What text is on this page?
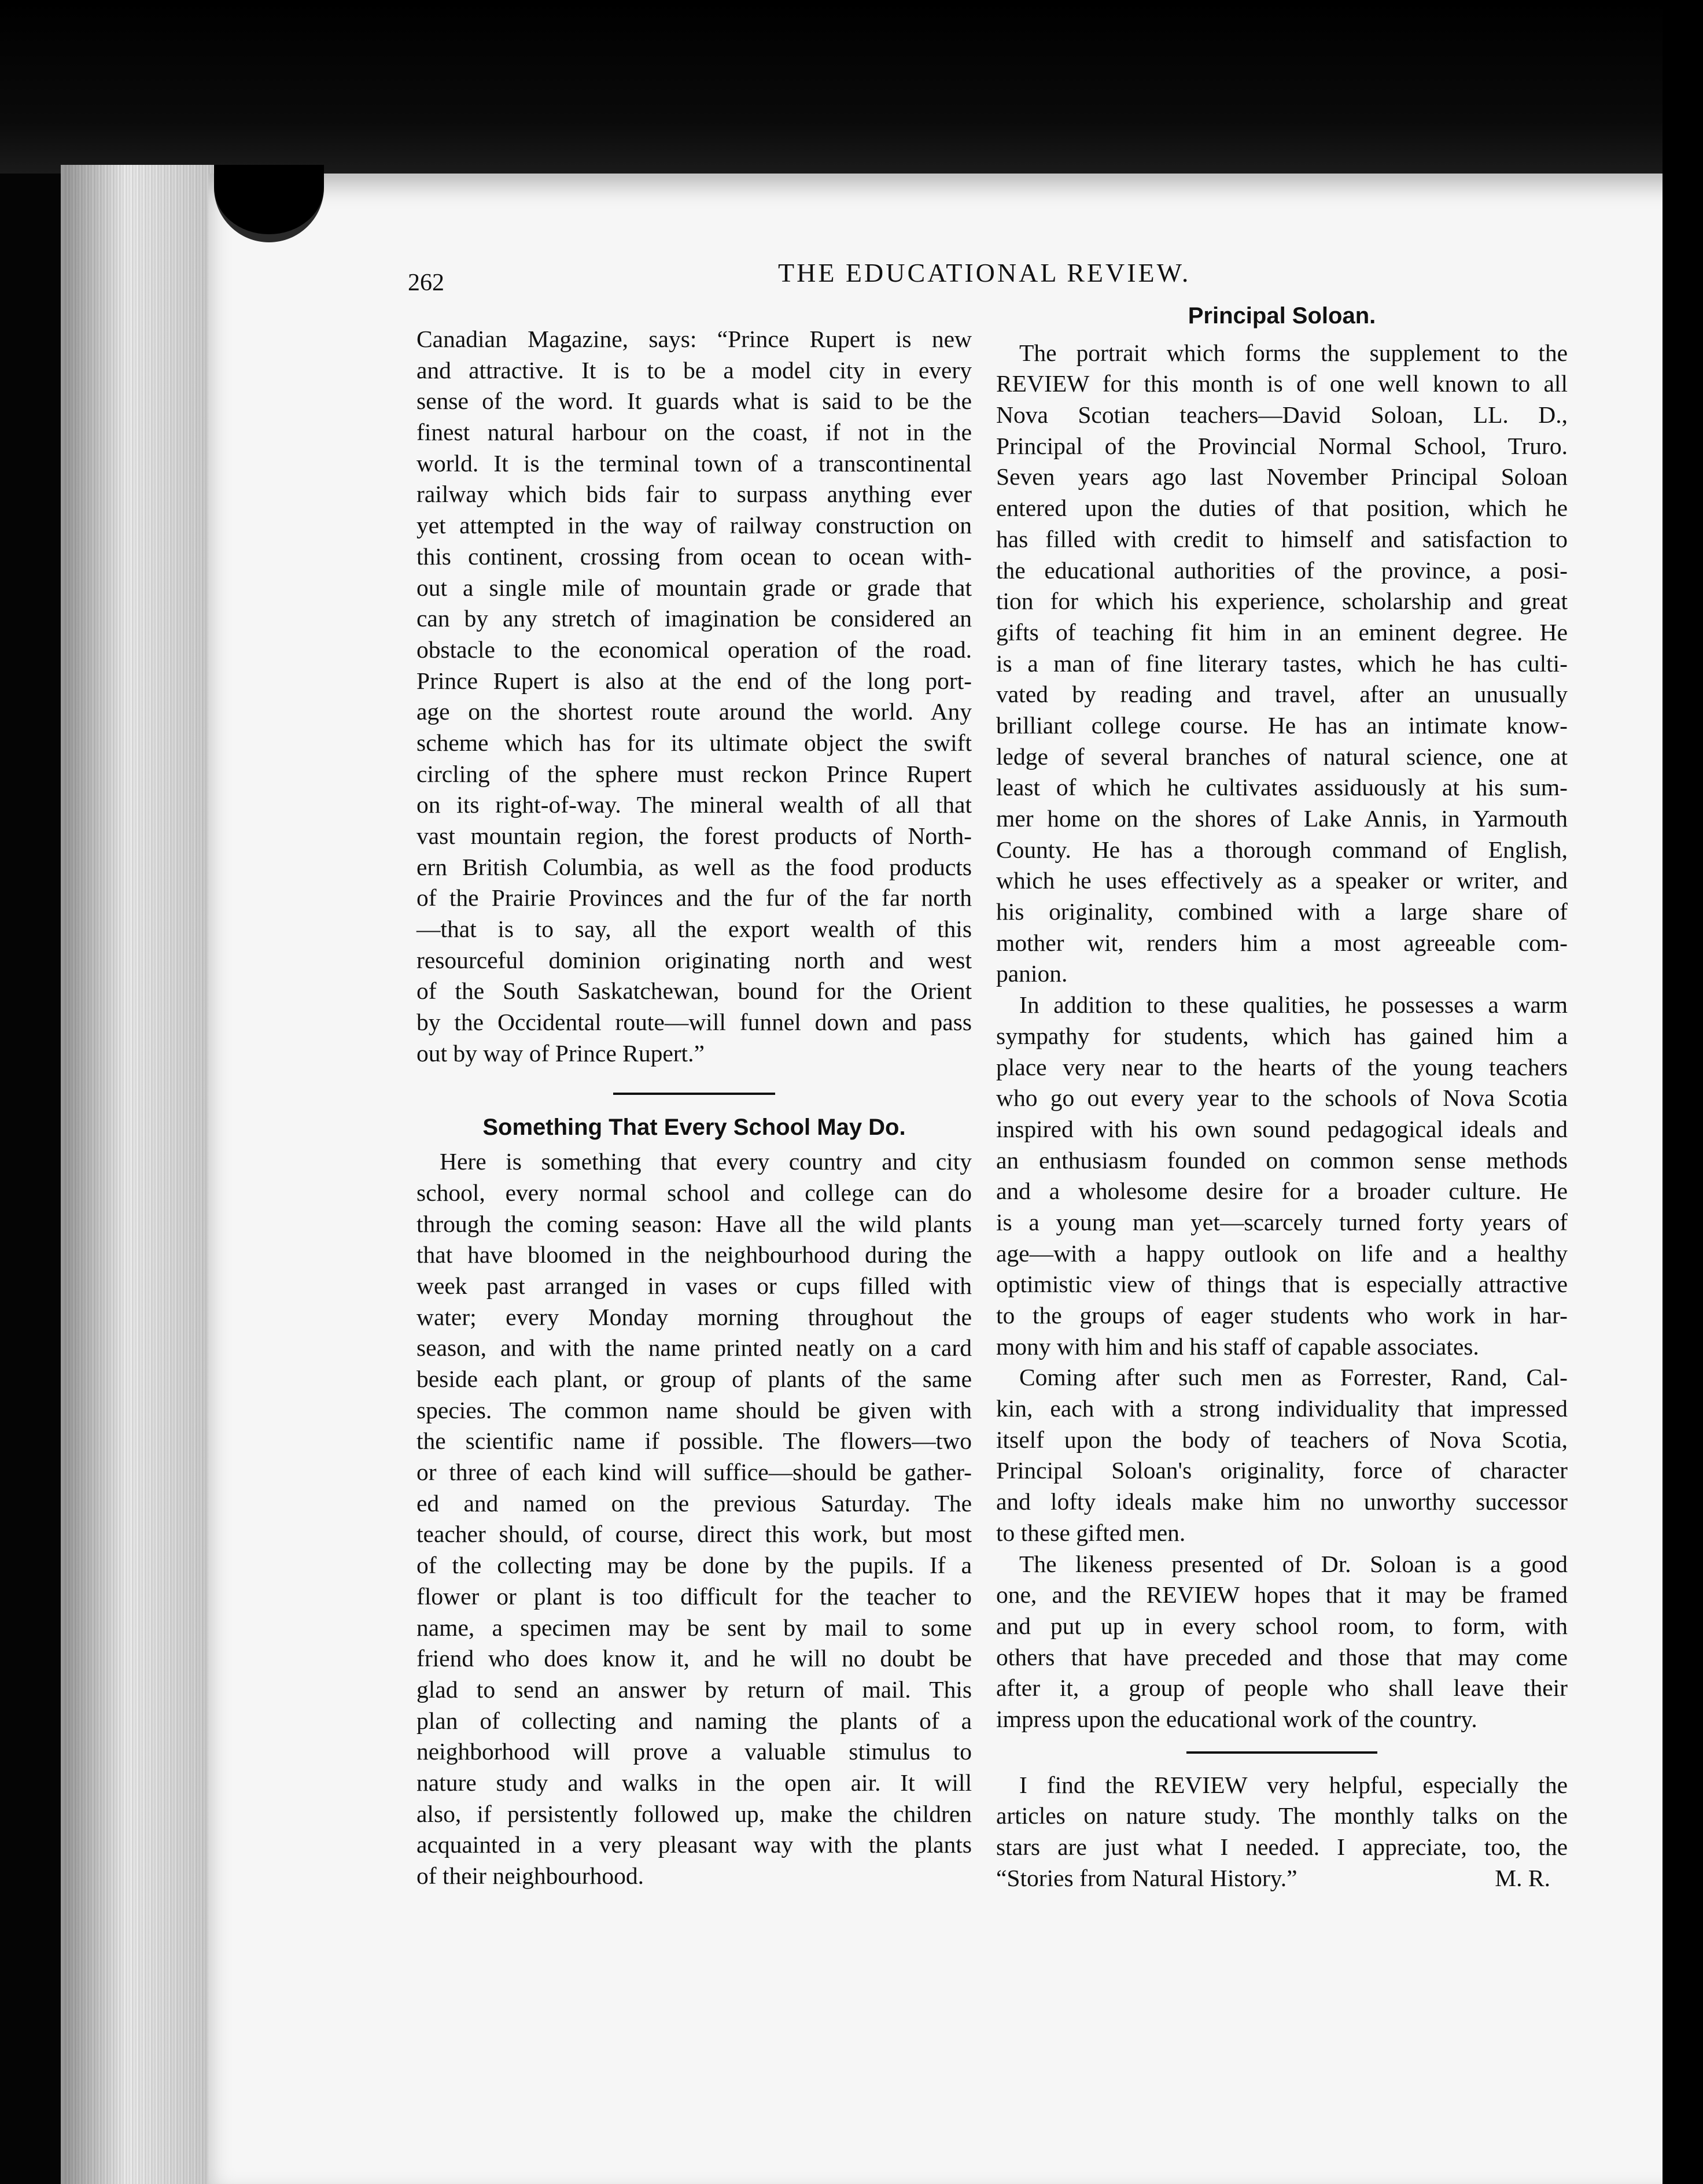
262	THE EDUCATIONAL REVIEW.
Canadian Magazine, says: “Prince Rupert is new
and attractive. It is to be a model city in every
sense of the word. It guards what is said to be the
finest natural harbour on the coast, if not in the
world. It is the terminal town of a transcontinental
railway which bids fair to surpass anything ever
yet attempted in the way of railway construction on
this continent, crossing from ocean to ocean with-
out a single mile of mountain grade or grade that
can by any stretch of imagination be considered an
obstacle to the economical operation of the road.
Prince Rupert is also at the end of the long port-
age on the shortest route around the world. Any
scheme which has for its ultimate object the swift
circling of the sphere must reckon Prince Rupert
on its right-of-way. The mineral wealth of all that
vast mountain region, the forest products of North-
ern British Columbia, as well as the food products
of the Prairie Provinces and the fur of the far north
—that is to say, all the export wealth of this
resourceful dominion originating north and west
of the South Saskatchewan, bound for the Orient
by the Occidental route—will funnel down and pass
out by way of Prince Rupert.”
Something That Every School May Do.
Here is something that every country and city
school, every normal school and college can do
through the coming season: Have all the wild plants
that have bloomed in the neighbourhood during the
week past arranged in vases or cups filled with
water; every Monday morning throughout the
season, and with the name printed neatly on a card
beside each plant, or group of plants of the same
species. The common name should be given with
the scientific name if possible. The flowers—two
or three of each kind will suffice—should be gather-
ed and named on the previous Saturday. The
teacher should, of course, direct this work, but most
of the collecting may be done by the pupils. If a
flower or plant is too difficult for the teacher to
name, a specimen may be sent by mail to some
friend who does know it, and he will no doubt be
glad to send an answer by return of mail. This
plan of collecting and naming the plants of a
neighborhood will prove a valuable stimulus to
nature study and walks in the open air. It will
also, if persistently followed up, make the children
acquainted in a very pleasant way with the plants
of their neighbourhood.
Principal Soloan.
The portrait which forms the supplement to the
REVIEW for this month is of one well known to all
Nova Scotian teachers—David Soloan, LL. D.,
Principal of the Provincial Normal School, Truro.
Seven years ago last November Principal Soloan
entered upon the duties of that position, which he
has filled with credit to himself and satisfaction to
the educational authorities of the province, a posi-
tion for which his experience, scholarship and great
gifts of teaching fit him in an eminent degree. He
is a man of fine literary tastes, which he has culti-
vated by reading and travel, after an unusually
brilliant college course. He has an intimate know-
ledge of several branches of natural science, one at
least of which he cultivates assiduously at his sum-
mer home on the shores of Lake Annis, in Yarmouth
County. He has a thorough command of English,
which he uses effectively as a speaker or writer, and
his originality, combined with a large share of
mother wit, renders him a most agreeable com-
panion.
In addition to these qualities, he possesses a warm
sympathy for students, which has gained him a
place very near to the hearts of the young teachers
who go out every year to the schools of Nova Scotia
inspired with his own sound pedagogical ideals and
an enthusiasm founded on common sense methods
and a wholesome desire for a broader culture. He
is a young man yet—scarcely turned forty years of
age—with a happy outlook on life and a healthy
optimistic view of things that is especially attractive
to the groups of eager students who work in har-
mony with him and his staff of capable associates.
Coming after such men as Forrester, Rand, Cal-
kin, each with a strong individuality that impressed
itself upon the body of teachers of Nova Scotia,
Principal Soloan's originality, force of character
and lofty ideals make him no unworthy successor
to these gifted men.
The likeness presented of Dr. Soloan is a good
one, and the REVIEW hopes that it may be framed
and put up in every school room, to form, with
others that have preceded and those that may come
after it, a group of people who shall leave their
impress upon the educational work of the country.
I find the REVIEW very helpful, especially the
articles on nature study. The monthly talks on the
stars are just what I needed. I appreciate, too, the
“Stories from Natural History.”	M. R.
